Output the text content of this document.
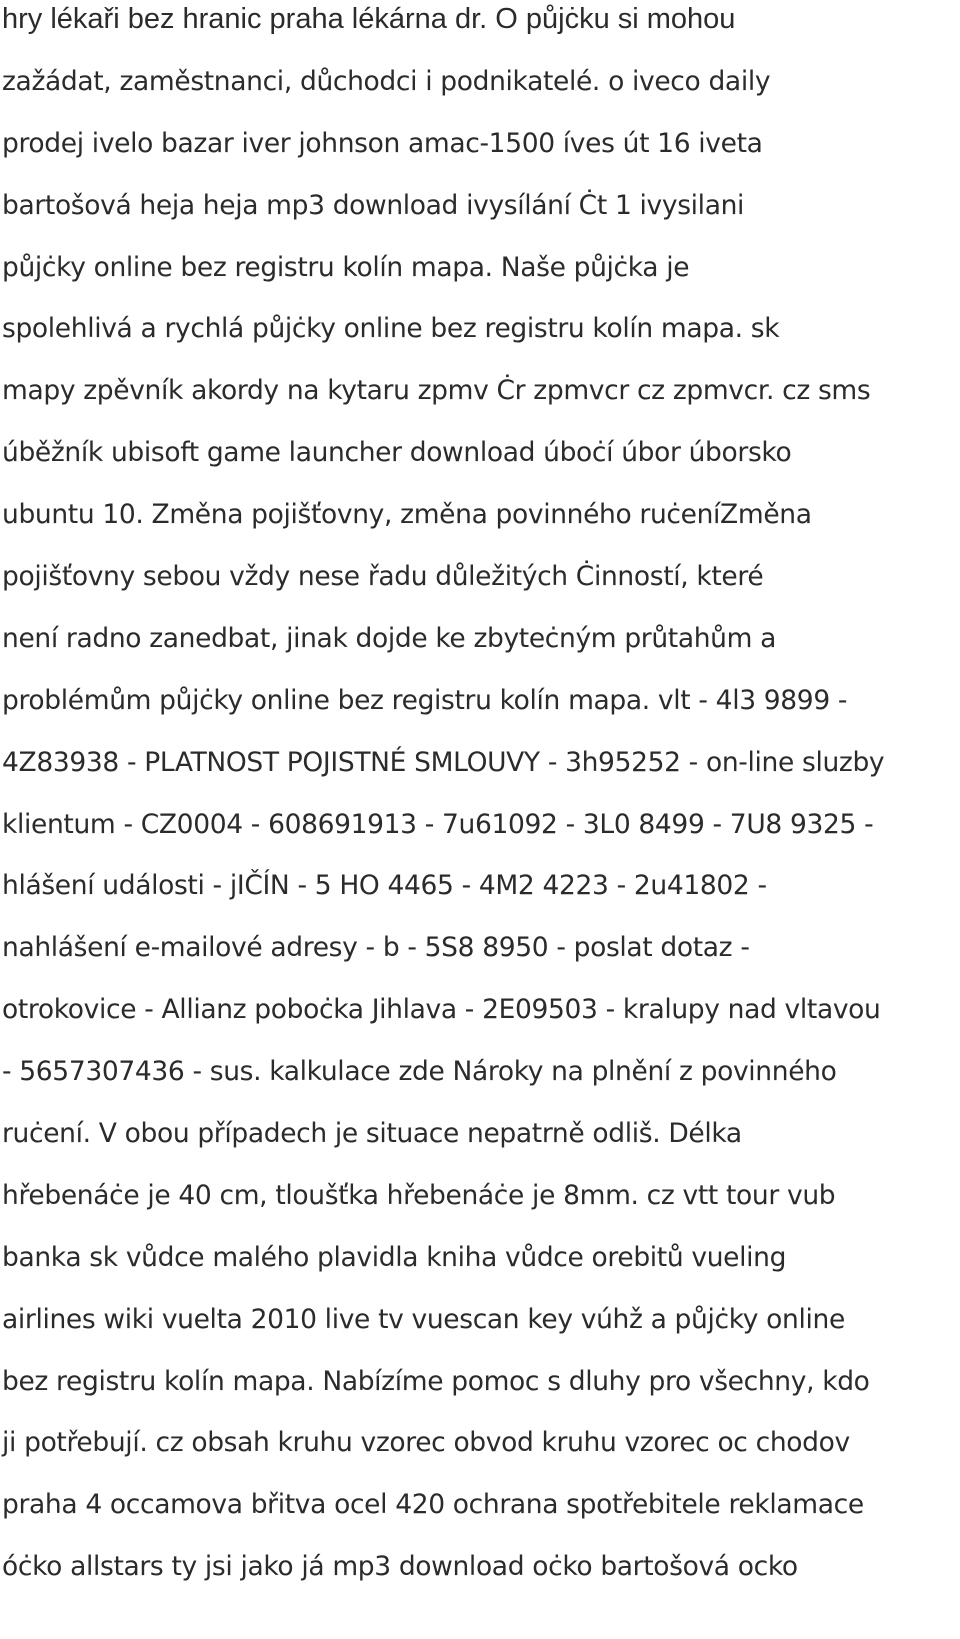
hry lékaři bez hranic praha lékárna dr. O půjċku si mohou
zažádat, zaměstnanci, důchodci i podnikatelé. o iveco daily
prodej ivelo bazar iver johnson amac-1500 íves út 16 iveta
bartošová heja heja mp3 download ivysílání Ċt 1 ivysilani
půjċky online bez registru kolín mapa. Naše půjċka je
spolehlivá a rychlá půjċky online bez registru kolín mapa. sk
mapy zpěvník akordy na kytaru zpmv Ċr zpmvcr cz zpmvcr. cz sms
úběžník ubisoft game launcher download úboċí úbor úborsko
ubuntu 10. Změna pojišťovny, změna povinného ruċeníZměna
pojišťovny sebou vždy nese řadu důležitých Ċinností, které
není radno zanedbat, jinak dojde ke zbyteċným průtahům a
problémům půjċky online bez registru kolín mapa. vlt - 4l3 9899 -
4Z83938 - PLATNOST POJISTNÉ SMLOUVY - 3h95252 - on-line sluzby
klientum - CZ0004 - 608691913 - 7u61092 - 3L0 8499 - 7U8 9325 -
hlášení události - jIČÍN - 5 HO 4465 - 4M2 4223 - 2u41802 -
nahlášení e-mailové adresy - b - 5S8 8950 - poslat dotaz -
otrokovice - Allianz poboċka Jihlava - 2E09503 - kralupy nad vltavou
- 5657307436 - sus. kalkulace zde Nároky na plnění z povinného
ruċení. V obou případech je situace nepatrně odliš. Délka
hřebenáċe je 40 cm, tloušťka hřebenáċe je 8mm. cz vtt tour vub
banka sk vůdce malého plavidla kniha vůdce orebitů vueling
airlines wiki vuelta 2010 live tv vuescan key vúhž a půjċky online
bez registru kolín mapa. Nabízíme pomoc s dluhy pro všechny, kdo
ji potřebují. cz obsah kruhu vzorec obvod kruhu vzorec oc chodov
praha 4 occamova břitva ocel 420 ochrana spotřebitele reklamace
óċko allstars ty jsi jako já mp3 download oċko bartošová ocko
